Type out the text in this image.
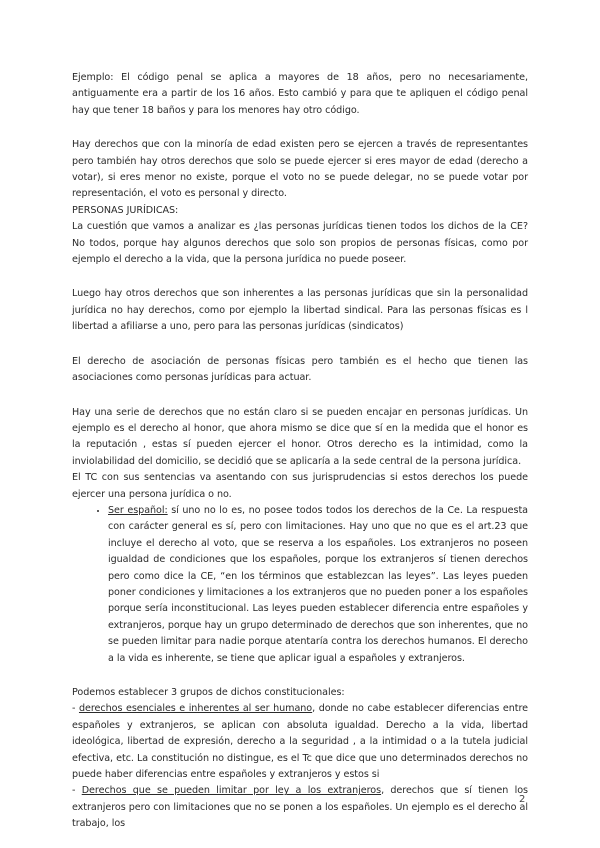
Ejemplo: El código penal se aplica a mayores de 18 años, pero no necesariamente, antiguamente era a partir de los 16 años. Esto cambió y para que te apliquen el código penal hay que tener 18 baños y para los menores hay otro código.

Hay derechos que con la minoría de edad existen pero se ejercen a través de representantes pero también hay otros derechos que solo se puede ejercer si eres mayor de edad (derecho a votar), si eres menor no existe, porque el voto no se puede delegar, no se puede votar por representación, el voto es personal y directo.

PERSONAS JURÍDICAS:

La cuestión que vamos a analizar es ¿las personas jurídicas tienen todos los dichos de la CE? No todos, porque hay algunos derechos que solo son propios de personas físicas, como por ejemplo el derecho a la vida, que la persona jurídica no puede poseer.

Luego hay otros derechos que son inherentes a las personas jurídicas que sin la personalidad jurídica no hay derechos, como por ejemplo la libertad sindical. Para las personas físicas es l libertad a afiliarse a uno, pero para las personas jurídicas (sindicatos)

El derecho de asociación de personas físicas pero también es el hecho que tienen las asociaciones como personas jurídicas para actuar.

Hay una serie de derechos que no están claro si se pueden encajar en personas jurídicas. Un ejemplo es el derecho al honor, que ahora mismo se dice que sí en la medida que el honor es la reputación , estas sí pueden ejercer el honor. Otros derecho es la intimidad, como la inviolabilidad del domicilio, se decidió que se aplicaría a la sede central de la persona jurídica.

El TC con sus sentencias va asentando con sus jurisprudencias si estos derechos los puede ejercer una persona jurídica o no.

• Ser español: sí uno no lo es, no posee todos todos los derechos de la Ce. La respuesta con carácter general es sí, pero con limitaciones. Hay uno que no que es el art.23 que incluye el derecho al voto, que se reserva a los españoles. Los extranjeros no poseen igualdad de condiciones que los españoles, porque los extranjeros sí tienen derechos pero como dice la CE, “en los términos que establezcan las leyes”. Las leyes pueden poner condiciones y limitaciones a los extranjeros que no pueden poner a los españoles porque sería inconstitucional. Las leyes pueden establecer diferencia entre españoles y extranjeros, porque hay un grupo determinado de derechos que son inherentes, que no se pueden limitar para nadie porque atentaría contra los derechos humanos. El derecho a la vida es inherente, se tiene que aplicar igual a españoles y extranjeros.

Podemos establecer 3 grupos de dichos constitucionales:

- derechos esenciales e inherentes al ser humano, donde no cabe establecer diferencias entre españoles y extranjeros, se aplican con absoluta igualdad. Derecho a la vida, libertad ideológica, libertad de expresión, derecho a la seguridad , a la intimidad o a la tutela judicial efectiva, etc. La constitución no distingue, es el Tc que dice que uno determinados derechos no puede haber diferencias entre españoles y extranjeros y estos si

- Derechos que se pueden limitar por ley a los extranjeros, derechos que sí tienen los extranjeros pero con limitaciones que no se ponen a los españoles. Un ejemplo es el derecho al trabajo, los

2
